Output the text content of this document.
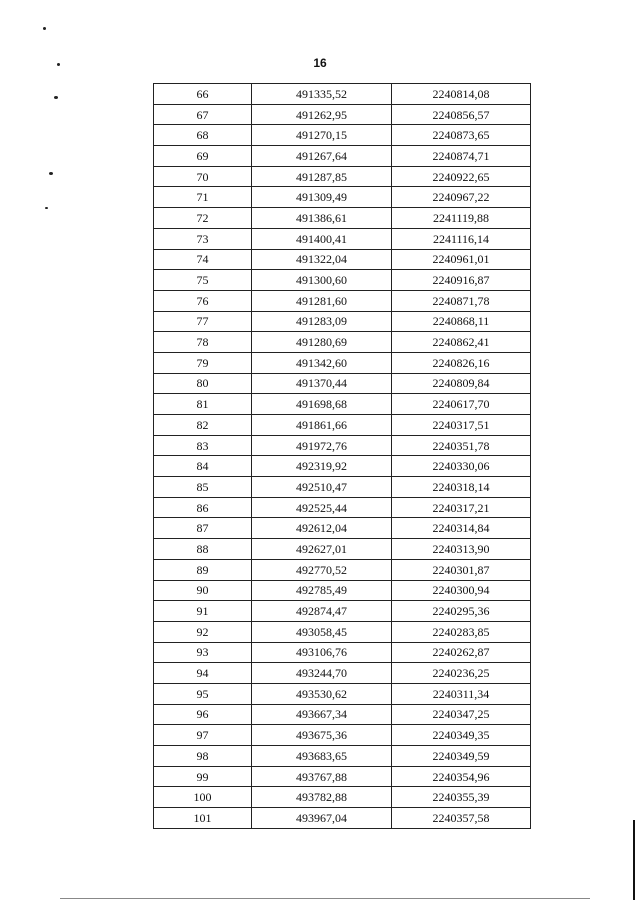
16
66	491335,52	2240814,08
67	491262,95	2240856,57
68	491270,15	2240873,65
69	491267,64	2240874,71
70	491287,85	2240922,65
71	491309,49	2240967,22
72	491386,61	2241119,88
73	491400,41	2241116,14
74	491322,04	2240961,01
75	491300,60	2240916,87
76	491281,60	2240871,78
77	491283,09	2240868,11
78	491280,69	2240862,41
79	491342,60	2240826,16
80	491370,44	2240809,84
81	491698,68	2240617,70
82	491861,66	2240317,51
83	491972,76	2240351,78
84	492319,92	2240330,06
85	492510,47	2240318,14
86	492525,44	2240317,21
87	492612,04	2240314,84
88	492627,01	2240313,90
89	492770,52	2240301,87
90	492785,49	2240300,94
91	492874,47	2240295,36
92	493058,45	2240283,85
93	493106,76	2240262,87
94	493244,70	2240236,25
95	493530,62	2240311,34
96	493667,34	2240347,25
97	493675,36	2240349,35
98	493683,65	2240349,59
99	493767,88	2240354,96
100	493782,88	2240355,39
101	493967,04	2240357,58
